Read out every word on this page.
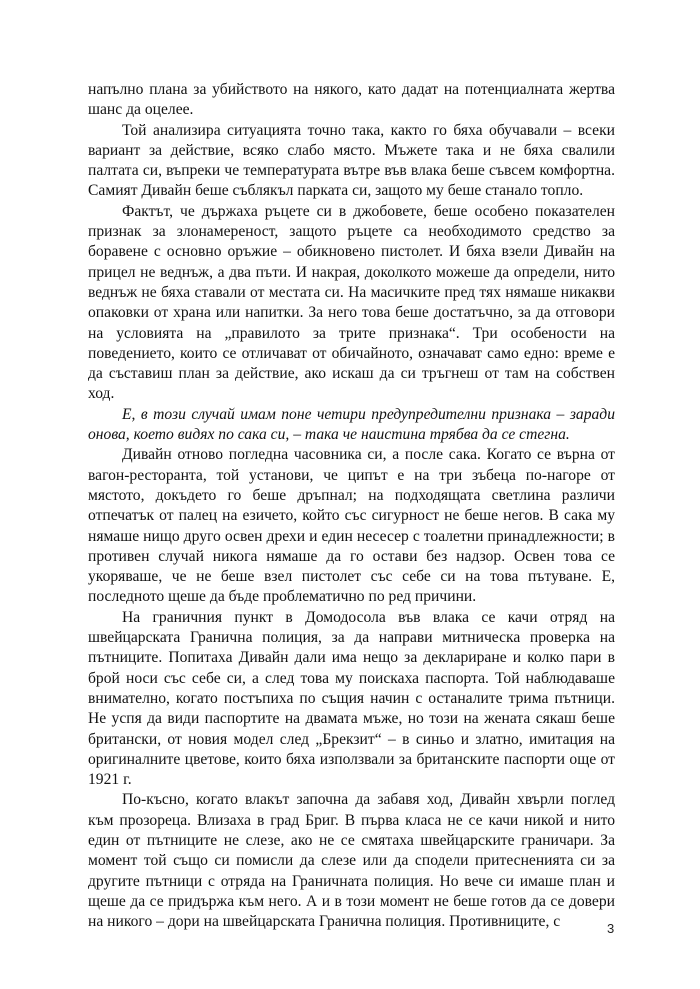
напълно плана за убийството на някого, като дадат на потенциалната жертва шанс да оцелее.

Той анализира ситуацията точно така, както го бяха обучавали – всеки вариант за действие, всяко слабо място. Мъжете така и не бяха свалили палтата си, въпреки че температурата вътре във влака беше съвсем комфортна. Самият Дивайн беше съблякъл парката си, защото му беше станало топло.

Фактът, че държаха ръцете си в джобовете, беше особено показателен признак за злонамереност, защото ръцете са необходимото средство за боравене с основно оръжие – обикновено пистолет. И бяха взели Дивайн на прицел не веднъж, а два пъти. И накрая, доколкото можеше да определи, нито веднъж не бяха ставали от местата си. На масичките пред тях нямаше никакви опаковки от храна или напитки. За него това беше достатъчно, за да отговори на условията на „правилото за трите признака“. Три особености на поведението, които се отличават от обичайното, означават само едно: време е да съставиш план за действие, ако искаш да си тръгнеш от там на собствен ход.

Е, в този случай имам поне четири предупредителни признака – заради онова, което видях по сака си, – така че наистина трябва да се стегна.

Дивайн отново погледна часовника си, а после сака. Когато се върна от вагон-ресторанта, той установи, че ципът е на три зъбеца по-нагоре от мястото, докъдето го беше дръпнал; на подходящата светлина различи отпечатък от палец на езичето, който със сигурност не беше негов. В сака му нямаше нищо друго освен дрехи и един несесер с тоалетни принадлежности; в противен случай никога нямаше да го остави без надзор. Освен това се укоряваше, че не беше взел пистолет със себе си на това пътуване. Е, последното щеше да бъде проблематично по ред причини.

На граничния пункт в Домодосола във влака се качи отряд на швейцарската Гранична полиция, за да направи митническа проверка на пътниците. Попитаха Дивайн дали има нещо за деклариране и колко пари в брой носи със себе си, а след това му поискаха паспорта. Той наблюдаваше внимателно, когато постъпиха по същия начин с останалите трима пътници. Не успя да види паспортите на двамата мъже, но този на жената сякаш беше британски, от новия модел след „Брекзит“ – в синьо и златно, имитация на оригиналните цветове, които бяха използвали за британските паспорти още от 1921 г.

По-късно, когато влакът започна да забавя ход, Дивайн хвърли поглед към прозореца. Влизаха в град Бриг. В първа класа не се качи никой и нито един от пътниците не слезе, ако не се смятаха швейцарските граничари. За момент той също си помисли да слезе или да сподели притесненията си за другите пътници с отряда на Граничната полиция. Но вече си имаше план и щеше да се придържа към него. А и в този момент не беше готов да се довери на никого – дори на швейцарската Гранична полиция. Противниците, с	3
